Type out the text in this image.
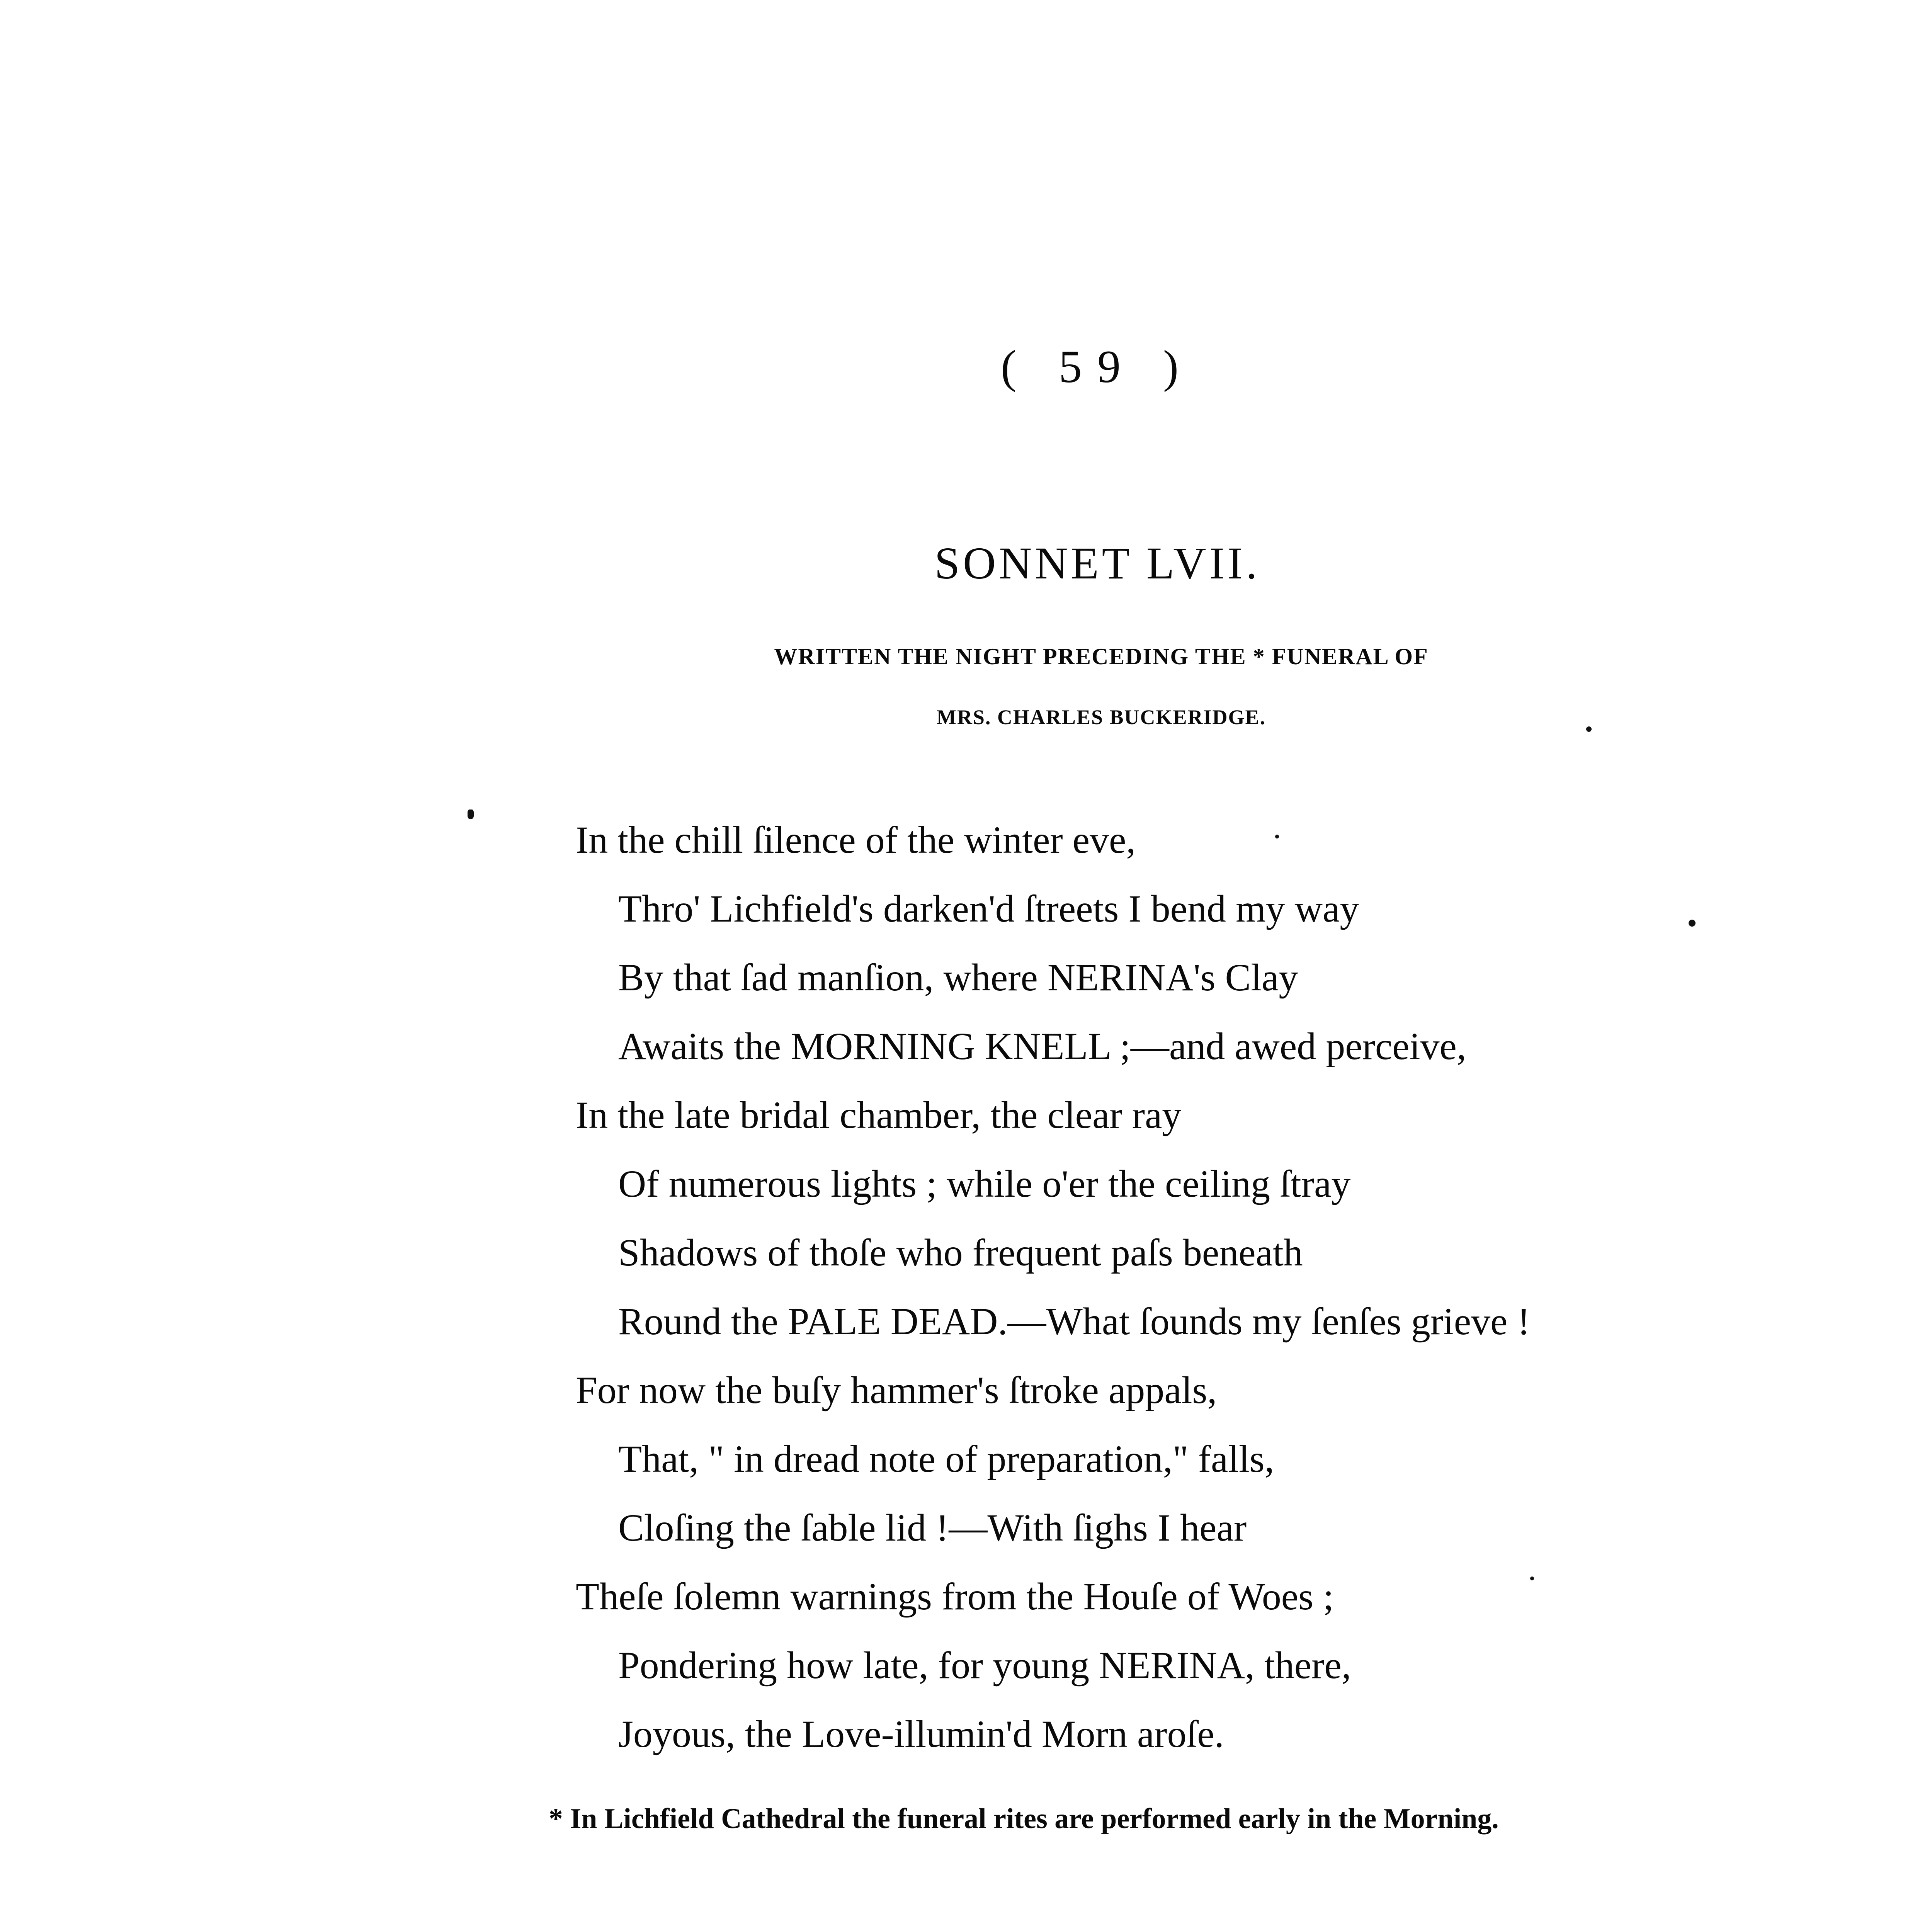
( 59 )
SONNET LVII.
WRITTEN THE NIGHT PRECEDING THE * FUNERAL OF
MRS. CHARLES BUCKERIDGE.
In the chill ſilence of the winter eve,
Thro' Lichfield's darken'd ſtreets I bend my way
By that ſad manſion, where NERINA's Clay
Awaits the MORNING KNELL ;—and awed perceive,
In the late bridal chamber, the clear ray
Of numerous lights ; while o'er the ceiling ſtray
Shadows of thoſe who frequent paſs beneath
Round the PALE DEAD.—What ſounds my ſenſes grieve !
For now the buſy hammer's ſtroke appals,
That, " in dread note of preparation," falls,
Cloſing the ſable lid !—With ſighs I hear
Theſe ſolemn warnings from the Houſe of Woes ;
Pondering how late, for young NERINA, there,
Joyous, the Love-illumin'd Morn aroſe.
* In Lichfield Cathedral the funeral rites are performed early in the Morning.
